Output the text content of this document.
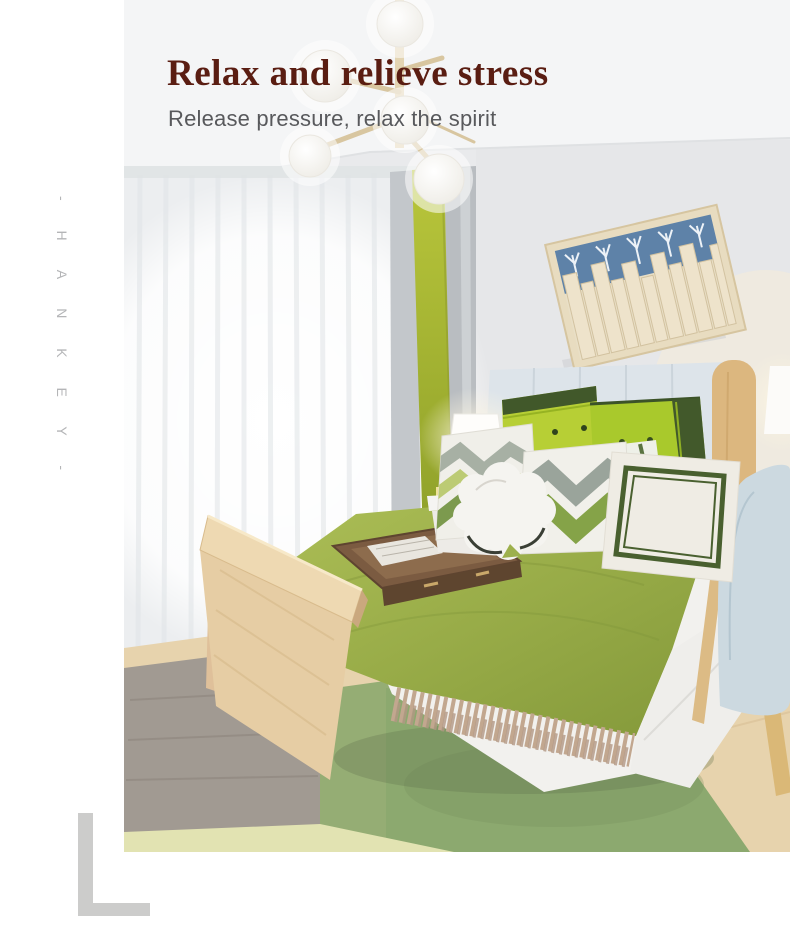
- H A N K E Y -
Relax and relieve stress
Release pressure, relax the spirit
